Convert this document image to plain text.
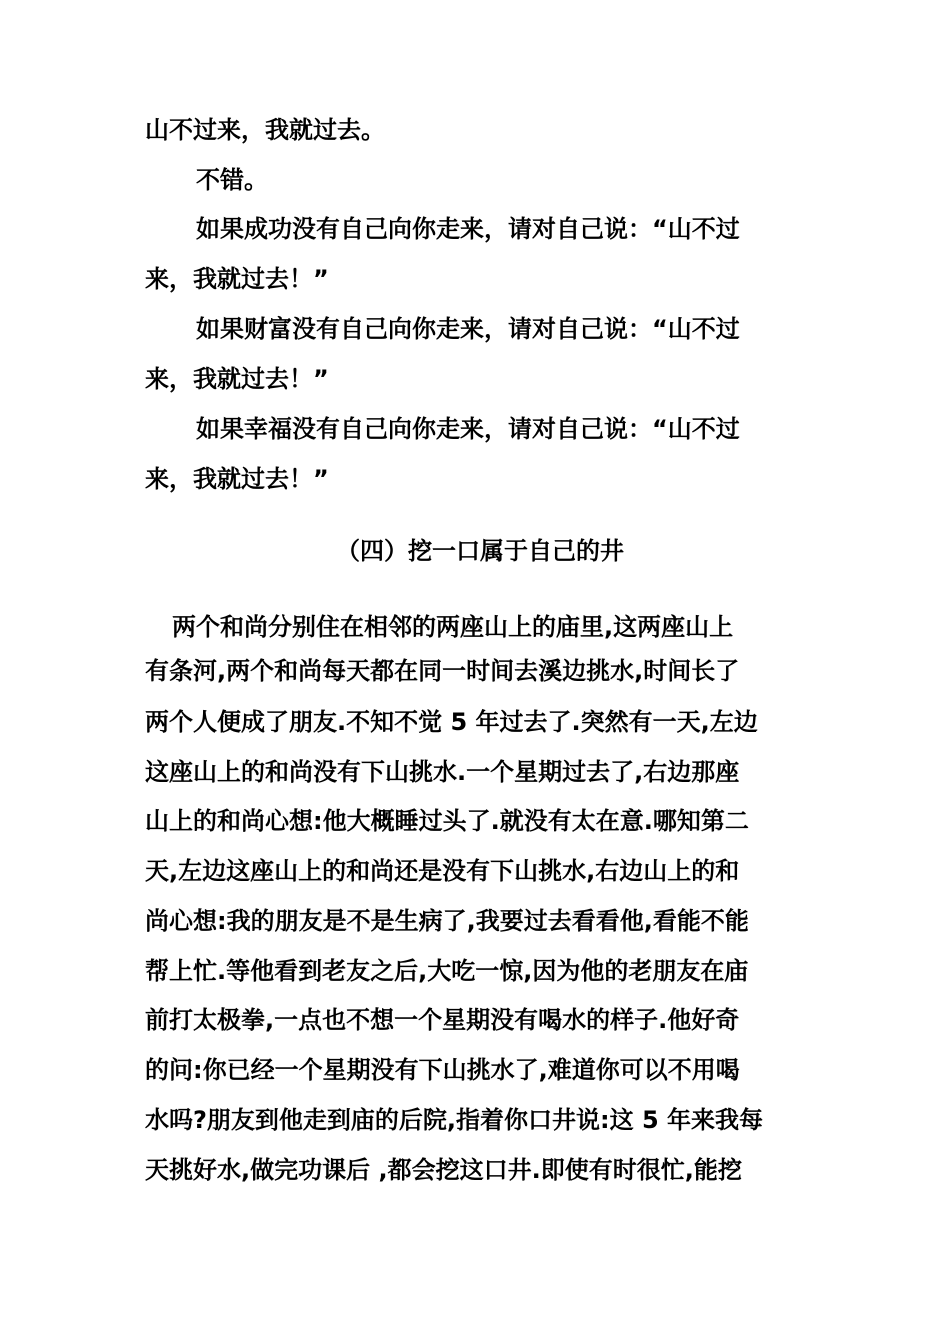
山不过来，我就过去。
不错。
如果成功没有自己向你走来，请对自己说：“山不过
来，我就过去！”
如果财富没有自己向你走来，请对自己说：“山不过
来，我就过去！”
如果幸福没有自己向你走来，请对自己说：“山不过
来，我就过去！”
（四）挖一口属于自己的井
两个和尚分别住在相邻的两座山上的庙里,这两座山上
有条河,两个和尚每天都在同一时间去溪边挑水,时间长了
两个人便成了朋友.不知不觉 5 年过去了.突然有一天,左边
这座山上的和尚没有下山挑水.一个星期过去了,右边那座
山上的和尚心想:他大概睡过头了.就没有太在意.哪知第二
天,左边这座山上的和尚还是没有下山挑水,右边山上的和
尚心想:我的朋友是不是生病了,我要过去看看他,看能不能
帮上忙.等他看到老友之后,大吃一惊,因为他的老朋友在庙
前打太极拳,一点也不想一个星期没有喝水的样子.他好奇
的问:你已经一个星期没有下山挑水了,难道你可以不用喝
水吗?朋友到他走到庙的后院,指着你口井说:这 5 年来我每
天挑好水,做完功课后 ,都会挖这口井.即使有时很忙,能挖
